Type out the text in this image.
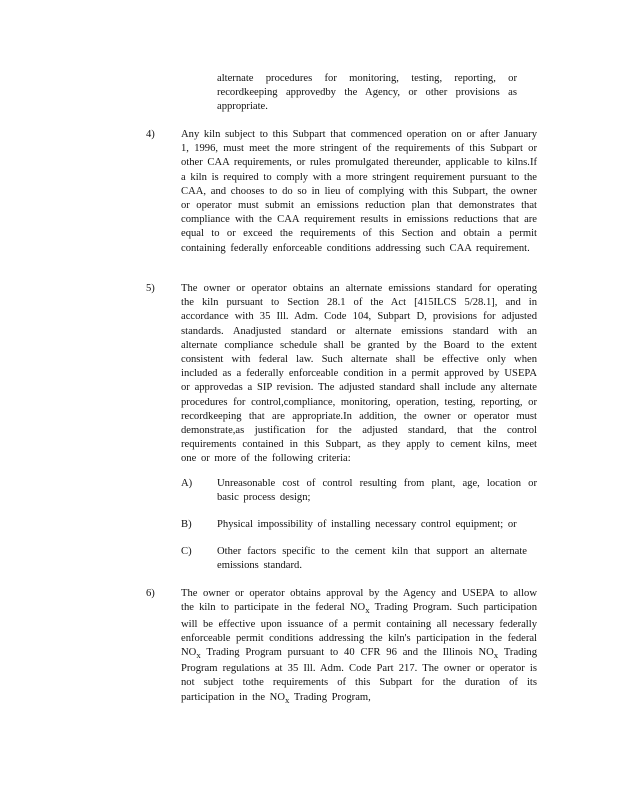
alternate procedures for monitoring, testing, reporting, or recordkeeping approvedby the Agency, or other provisions as appropriate.
4) Any kiln subject to this Subpart that commenced operation on or after January 1, 1996, must meet the more stringent of the requirements of this Subpart or other CAA requirements, or rules promulgated thereunder, applicable to kilns.If a kiln is required to comply with a more stringent requirement pursuant to the CAA, and chooses to do so in lieu of complying with this Subpart, the owner or operator must submit an emissions reduction plan that demonstrates that compliance with the CAA requirement results in emissions reductions that are equal to or exceed the requirements of this Section and obtain a permit containing federally enforceable conditions addressing such CAA requirement.
5) The owner or operator obtains an alternate emissions standard for operating the kiln pursuant to Section 28.1 of the Act [415ILCS 5/28.1], and in accordance with 35 Ill. Adm. Code 104, Subpart D, provisions for adjusted standards. Anadjusted standard or alternate emissions standard with an alternate compliance schedule shall be granted by the Board to the extent consistent with federal law. Such alternate shall be effective only when included as a federally enforceable condition in a permit approved by USEPA or approvedas a SIP revision. The adjusted standard shall include any alternate procedures for control,compliance, monitoring, operation, testing, reporting, or recordkeeping that are appropriate.In addition, the owner or operator must demonstrate,as justification for the adjusted standard, that the control requirements contained in this Subpart, as they apply to cement kilns, meet one or more of the following criteria:
A) Unreasonable cost of control resulting from plant, age, location or basic process design;
B) Physical impossibility of installing necessary control equipment; or
C) Other factors specific to the cement kiln that support an alternate emissions standard.
6) The owner or operator obtains approval by the Agency and USEPA to allow the kiln to participate in the federal $NO_x$ Trading Program. Such participation will be effective upon issuance of a permit containing all necessary federally enforceable permit conditions addressing the kiln's participation in the federal $NO_x$ Trading Program pursuant to 40 CFR 96 and the Illinois $NO_x$ Trading Program regulations at 35 Ill. Adm. Code Part 217. The owner or operator is not subject tothe requirements of this Subpart for the duration of its participation in the $NO_x$ Trading Program,
